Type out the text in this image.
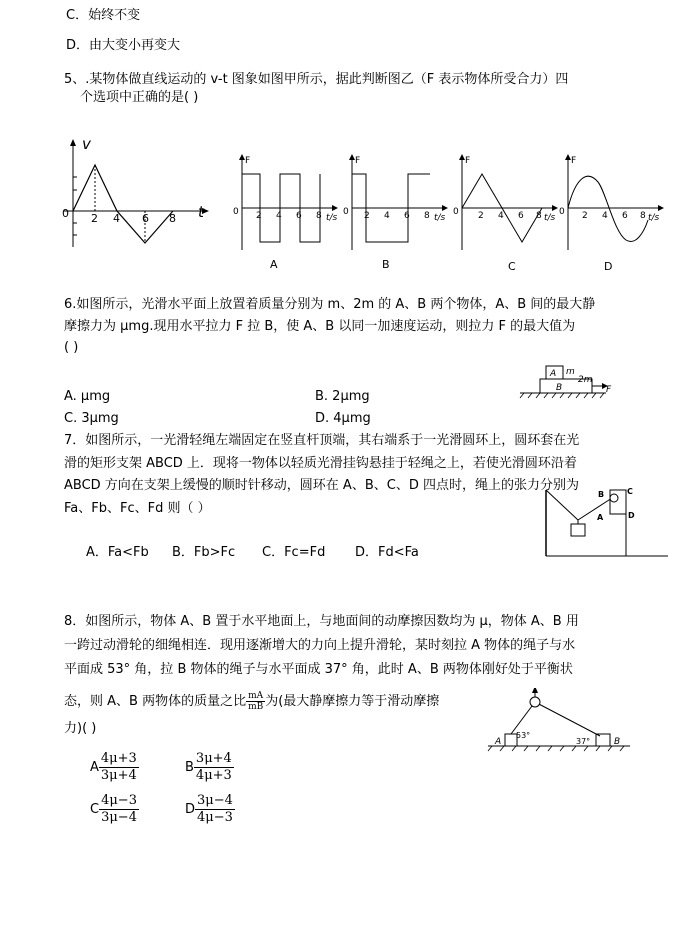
C．始终不变
D．由大变小再变大
5、.某物体做直线运动的 v-t 图象如图甲所示，据此判断图乙（F 表示物体所受合力）四
个选项中正确的是( )
v
t
0 2 4 6 8
F
0 2 4 6 8 t/s
A
F
0 2 4 6 8 t/s
B
F
0 2 4 6 8 t/s
C
F
0 2 4 6 8 t/s
D
6.如图所示，光滑水平面上放置着质量分别为 m、2m 的 A、B 两个物体，A、B 间的最大静
摩擦力为 μmg.现用水平拉力 F 拉 B，使 A、B 以同一加速度运动，则拉力 F 的最大值为
( )
A. μmg	B. 2μmg
C. 3μmg	D. 4μmg
A m
B
2m
F
7．如图所示，一光滑轻绳左端固定在竖直杆顶端，其右端系于一光滑圆环上，圆环套在光
滑的矩形支架 ABCD 上．现将一物体以轻质光滑挂钩悬挂于轻绳之上，若使光滑圆环沿着
ABCD 方向在支架上缓慢的顺时针移动，圆环在 A、B、C、D 四点时，绳上的张力分别为
Fa、Fb、Fc、Fd 则（ ）
A．Fa<Fb B．Fb>Fc C．Fc=Fd D．Fd<Fa
A
B	C
D
8．如图所示，物体 A、B 置于水平地面上，与地面间的动摩擦因数均为 μ，物体 A、B 用
一跨过动滑轮的细绳相连．现用逐渐增大的力向上提升滑轮，某时刻拉 A 物体的绳子与水
平面成 53° 角，拉 B 物体的绳子与水平面成 37° 角，此时 A、B 两物体刚好处于平衡状
态，则 A、B 两物体的质量之比 $\frac{mA}{mB}$ 为(最大静摩擦力等于滑动摩擦
力)( )
A $\frac{4\mu+3}{3\mu+4}$	B $\frac{3\mu+4}{4\mu+3}$
C $\frac{4\mu-3}{3\mu-4}$	D $\frac{3\mu-4}{4\mu-3}$
A
53°
37°	B
